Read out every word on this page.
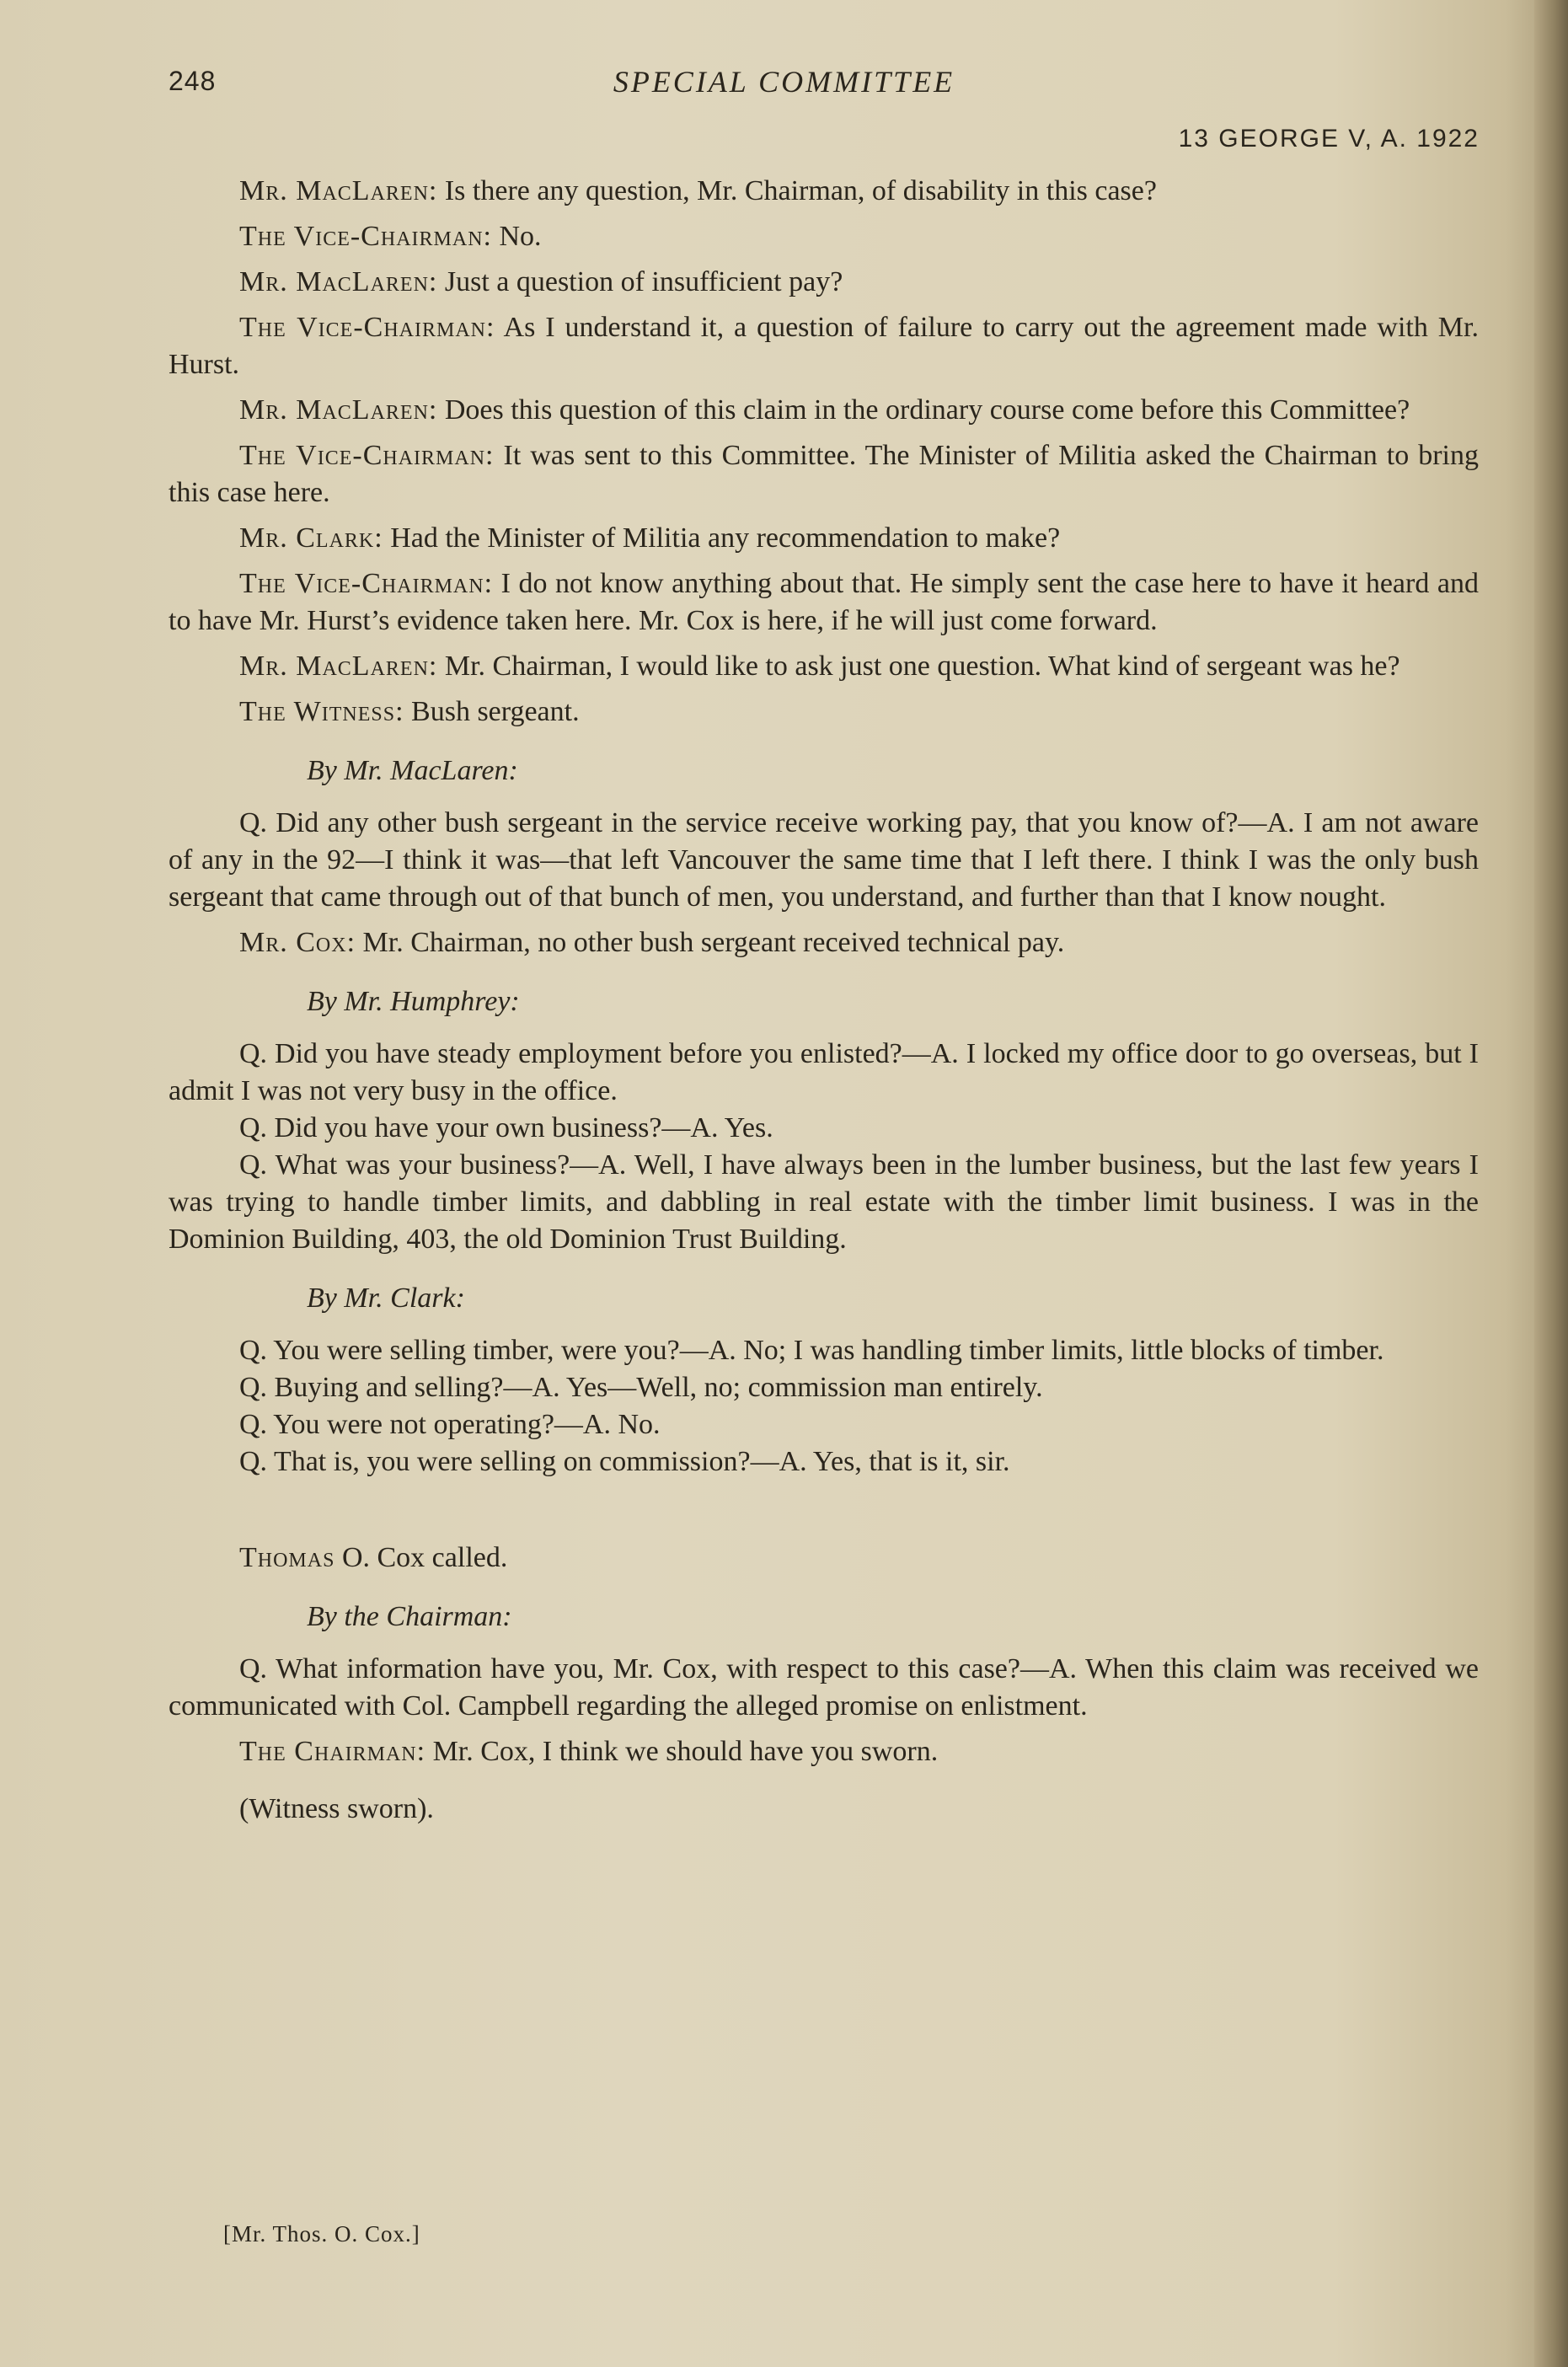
248	SPECIAL COMMITTEE
13 GEORGE V, A. 1922

Mr. MacLaren: Is there any question, Mr. Chairman, of disability in this case?

The Vice-Chairman: No.

Mr. MacLaren: Just a question of insufficient pay?

The Vice-Chairman: As I understand it, a question of failure to carry out the agreement made with Mr. Hurst.

Mr. MacLaren: Does this question of this claim in the ordinary course come before this Committee?

The Vice-Chairman: It was sent to this Committee. The Minister of Militia asked the Chairman to bring this case here.

Mr. Clark: Had the Minister of Militia any recommendation to make?

The Vice-Chairman: I do not know anything about that. He simply sent the case here to have it heard and to have Mr. Hurst’s evidence taken here. Mr. Cox is here, if he will just come forward.

Mr. MacLaren: Mr. Chairman, I would like to ask just one question. What kind of sergeant was he?

The Witness: Bush sergeant.

By Mr. MacLaren:

Q. Did any other bush sergeant in the service receive working pay, that you know of?—A. I am not aware of any in the 92—I think it was—that left Vancouver the same time that I left there. I think I was the only bush sergeant that came through out of that bunch of men, you understand, and further than that I know nought.

Mr. Cox: Mr. Chairman, no other bush sergeant received technical pay.

By Mr. Humphrey:

Q. Did you have steady employment before you enlisted?—A. I locked my office door to go overseas, but I admit I was not very busy in the office.

Q. Did you have your own business?—A. Yes.

Q. What was your business?—A. Well, I have always been in the lumber business, but the last few years I was trying to handle timber limits, and dabbling in real estate with the timber limit business. I was in the Dominion Building, 403, the old Dominion Trust Building.

By Mr. Clark:

Q. You were selling timber, were you?—A. No; I was handling timber limits, little blocks of timber.

Q. Buying and selling?—A. Yes—Well, no; commission man entirely.

Q. You were not operating?—A. No.

Q. That is, you were selling on commission?—A. Yes, that is it, sir.

Thomas O. Cox called.

By the Chairman:

Q. What information have you, Mr. Cox, with respect to this case?—A. When this claim was received we communicated with Col. Campbell regarding the alleged promise on enlistment.

The Chairman: Mr. Cox, I think we should have you sworn.

(Witness sworn).

[Mr. Thos. O. Cox.]
